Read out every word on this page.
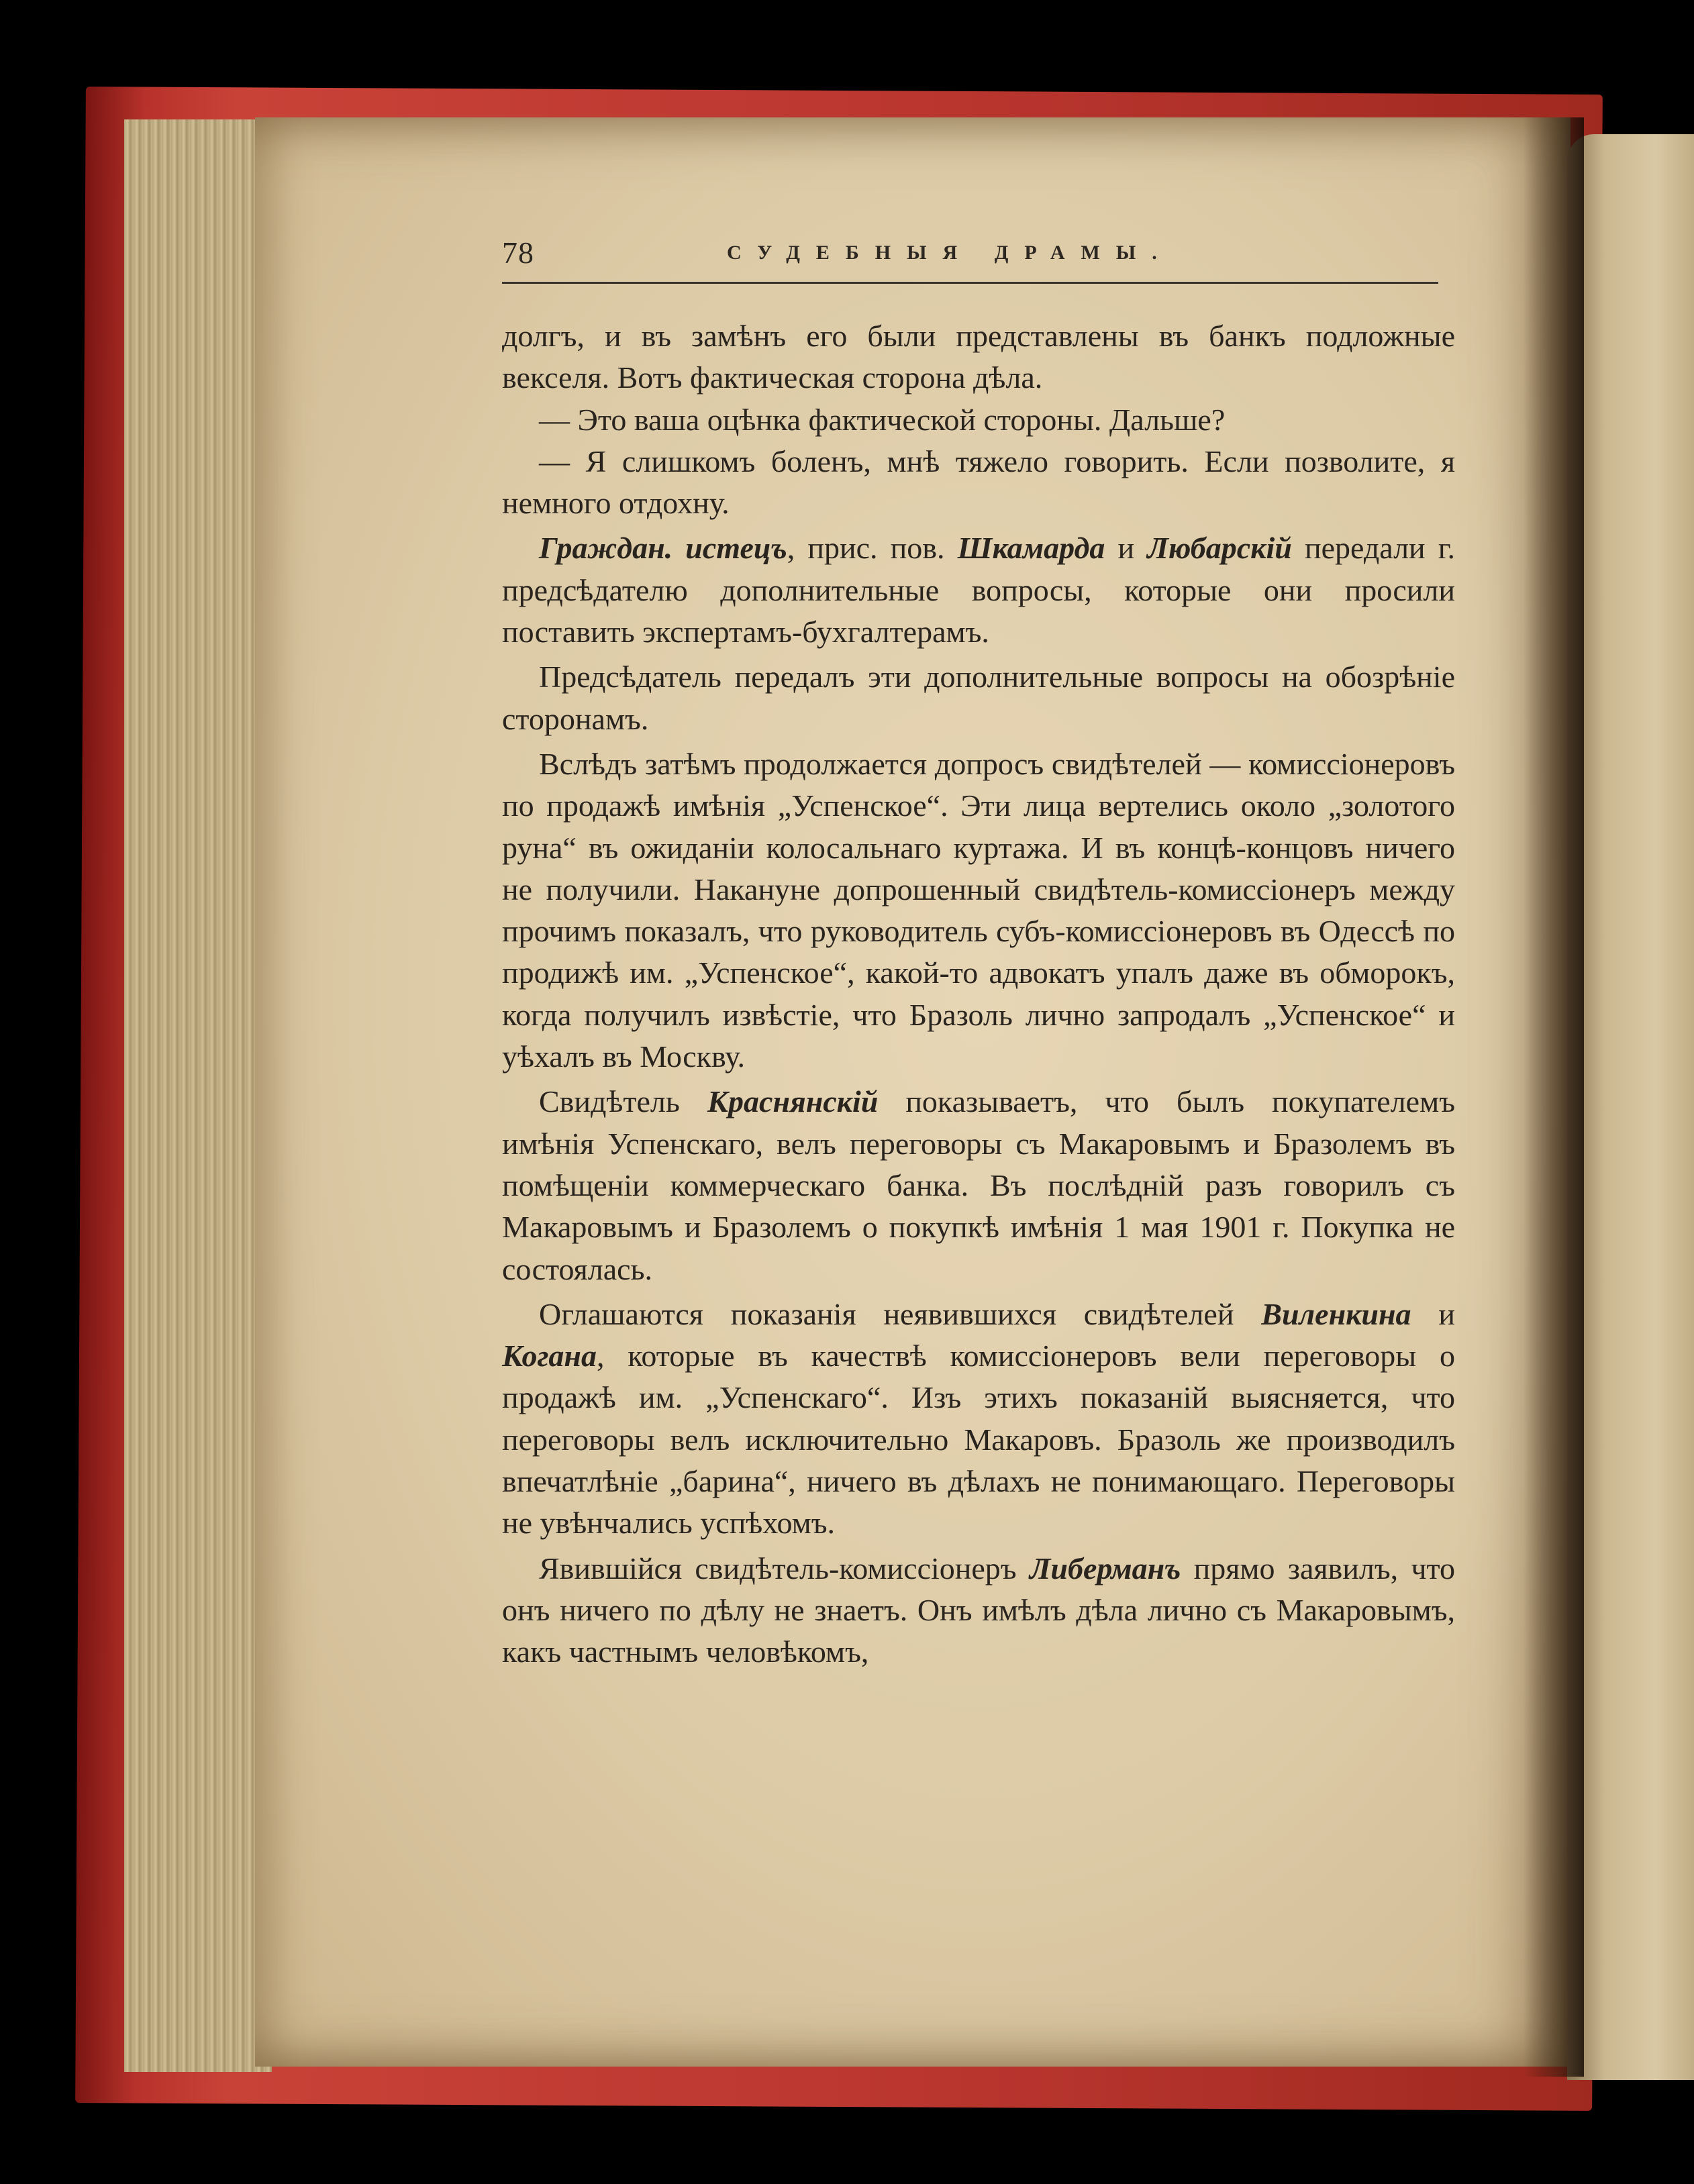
78	СУДЕБНЫЯ ДРАМЫ.

долгъ, и въ замѣнъ его были представлены въ банкъ подложные векселя. Вотъ фактическая сторона дѣла.

— Это ваша оцѣнка фактической стороны. Дальше?

— Я слишкомъ боленъ, мнѣ тяжело говорить. Если позволите, я немного отдохну.

Граждан. истецъ, прис. пов. Шкамарда и Любарскій передали г. предсѣдателю дополнительные вопросы, которые они просили поставить экспертамъ-бухгалтерамъ.

Предсѣдатель передалъ эти дополнительные вопросы на обозрѣніе сторонамъ.

Вслѣдъ затѣмъ продолжается допросъ свидѣтелей — комиссіонеровъ по продажѣ имѣнія „Успенское“. Эти лица вертелись около „золотого руна“ въ ожиданіи колосальнаго куртажа. И въ концѣ-концовъ ничего не получили. Накануне допрошенный свидѣтель-комиссіонеръ между прочимъ показалъ, что руководитель субъ-комиссіонеровъ въ Одессѣ по продижѣ им. „Успенское“, какой-то адвокатъ упалъ даже въ обморокъ, когда получилъ извѣстіе, что Бразоль лично запродалъ „Успенское“ и уѣхалъ въ Москву.

Свидѣтель Краснянскій показываетъ, что былъ покупателемъ имѣнія Успенскаго, велъ переговоры съ Макаровымъ и Бразолемъ въ помѣщеніи коммерческаго банка. Въ послѣдній разъ говорилъ съ Макаровымъ и Бразолемъ о покупкѣ имѣнія 1 мая 1901 г. Покупка не состоялась.

Оглашаются показанія неявившихся свидѣтелей Виленкина и Когана, которые въ качествѣ комиссіонеровъ вели переговоры о продажѣ им. „Успенскаго“. Изъ этихъ показаній выясняется, что переговоры велъ исключительно Макаровъ. Бразоль же производилъ впечатлѣніе „барина“, ничего въ дѣлахъ не понимающаго. Переговоры не увѣнчались успѣхомъ.

Явившійся свидѣтель-комиссіонеръ Либерманъ прямо заявилъ, что онъ ничего по дѣлу не знаетъ. Онъ имѣлъ дѣла лично съ Макаровымъ, какъ частнымъ человѣкомъ,
